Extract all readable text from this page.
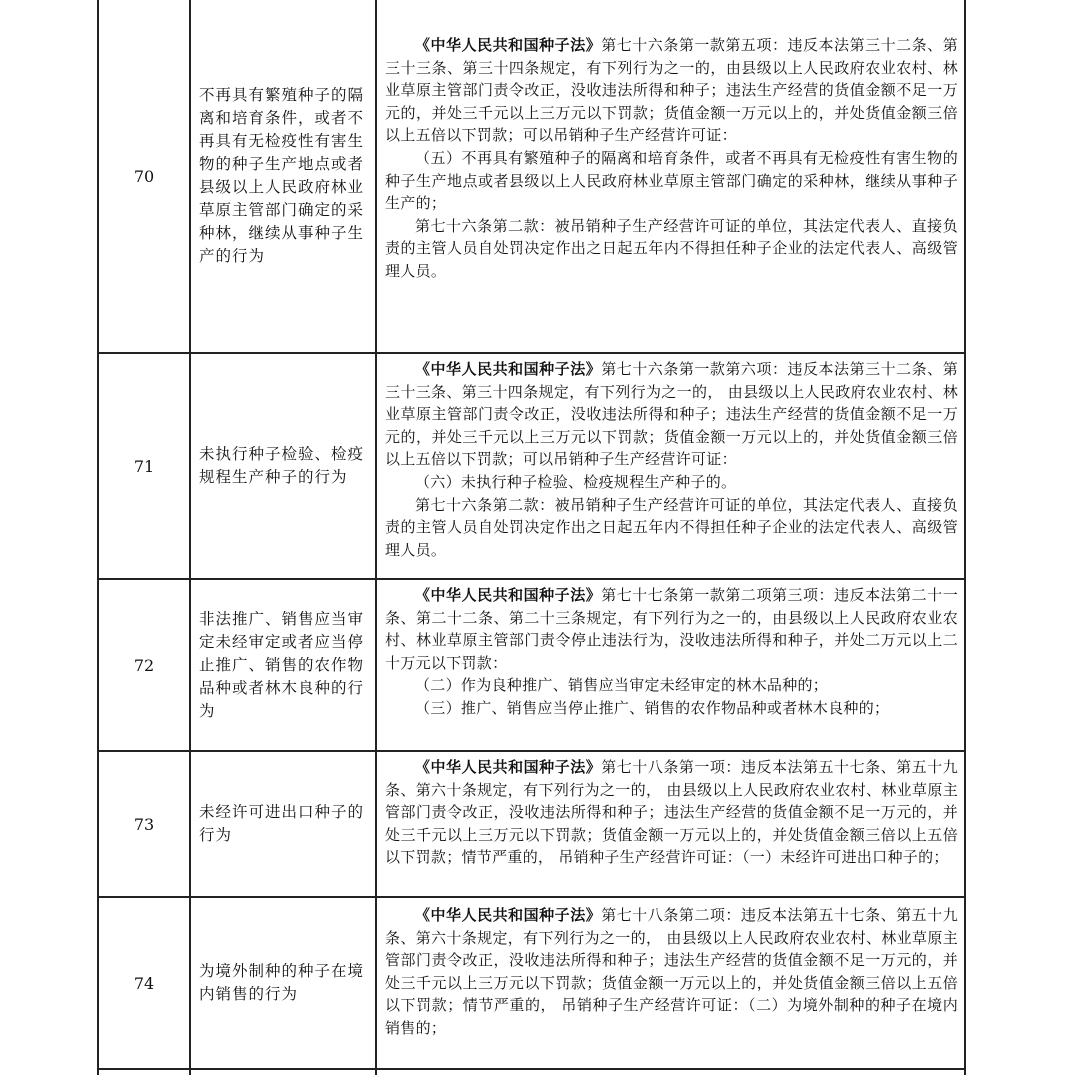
70
不再具有繁殖种子的隔离和培育条件，或者不再具有无检疫性有害生物的种子生产地点或者县级以上人民政府林业草原主管部门确定的采种林，继续从事种子生产的行为

《中华人民共和国种子法》第七十六条第一款第五项：违反本法第三十二条、第三十三条、第三十四条规定，有下列行为之一的，由县级以上人民政府农业农村、林业草原主管部门责令改正，没收违法所得和种子；违法生产经营的货值金额不足一万元的，并处三千元以上三万元以下罚款；货值金额一万元以上的，并处货值金额三倍以上五倍以下罚款；可以吊销种子生产经营许可证：

（五）不再具有繁殖种子的隔离和培育条件，或者不再具有无检疫性有害生物的种子生产地点或者县级以上人民政府林业草原主管部门确定的采种林，继续从事种子生产的；

第七十六条第二款：被吊销种子生产经营许可证的单位，其法定代表人、直接负责的主管人员自处罚决定作出之日起五年内不得担任种子企业的法定代表人、高级管理人员。

71
未执行种子检验、检疫规程生产种子的行为

《中华人民共和国种子法》第七十六条第一款第六项：违反本法第三十二条、第三十三条、第三十四条规定，有下列行为之一的， 由县级以上人民政府农业农村、林业草原主管部门责令改正，没收违法所得和种子；违法生产经营的货值金额不足一万元的，并处三千元以上三万元以下罚款；货值金额一万元以上的，并处货值金额三倍以上五倍以下罚款；可以吊销种子生产经营许可证：

（六）未执行种子检验、检疫规程生产种子的。

第七十六条第二款：被吊销种子生产经营许可证的单位，其法定代表人、直接负责的主管人员自处罚决定作出之日起五年内不得担任种子企业的法定代表人、高级管理人员。

72
非法推广、销售应当审定未经审定或者应当停止推广、销售的农作物品种或者林木良种的行为

《中华人民共和国种子法》第七十七条第一款第二项第三项：违反本法第二十一条、第二十二条、第二十三条规定，有下列行为之一的，由县级以上人民政府农业农村、林业草原主管部门责令停止违法行为，没收违法所得和种子，并处二万元以上二十万元以下罚款：

（二）作为良种推广、销售应当审定未经审定的林木品种的；

（三）推广、销售应当停止推广、销售的农作物品种或者林木良种的；

73
未经许可进出口种子的行为

《中华人民共和国种子法》第七十八条第一项：违反本法第五十七条、第五十九条、第六十条规定，有下列行为之一的， 由县级以上人民政府农业农村、林业草原主管部门责令改正，没收违法所得和种子；违法生产经营的货值金额不足一万元的，并处三千元以上三万元以下罚款；货值金额一万元以上的，并处货值金额三倍以上五倍以下罚款；情节严重的， 吊销种子生产经营许可证：（一）未经许可进出口种子的；

74
为境外制种的种子在境内销售的行为

《中华人民共和国种子法》第七十八条第二项：违反本法第五十七条、第五十九条、第六十条规定，有下列行为之一的， 由县级以上人民政府农业农村、林业草原主管部门责令改正，没收违法所得和种子；违法生产经营的货值金额不足一万元的，并处三千元以上三万元以下罚款；货值金额一万元以上的，并处货值金额三倍以上五倍以下罚款；情节严重的， 吊销种子生产经营许可证：（二）为境外制种的种子在境内销售的；
